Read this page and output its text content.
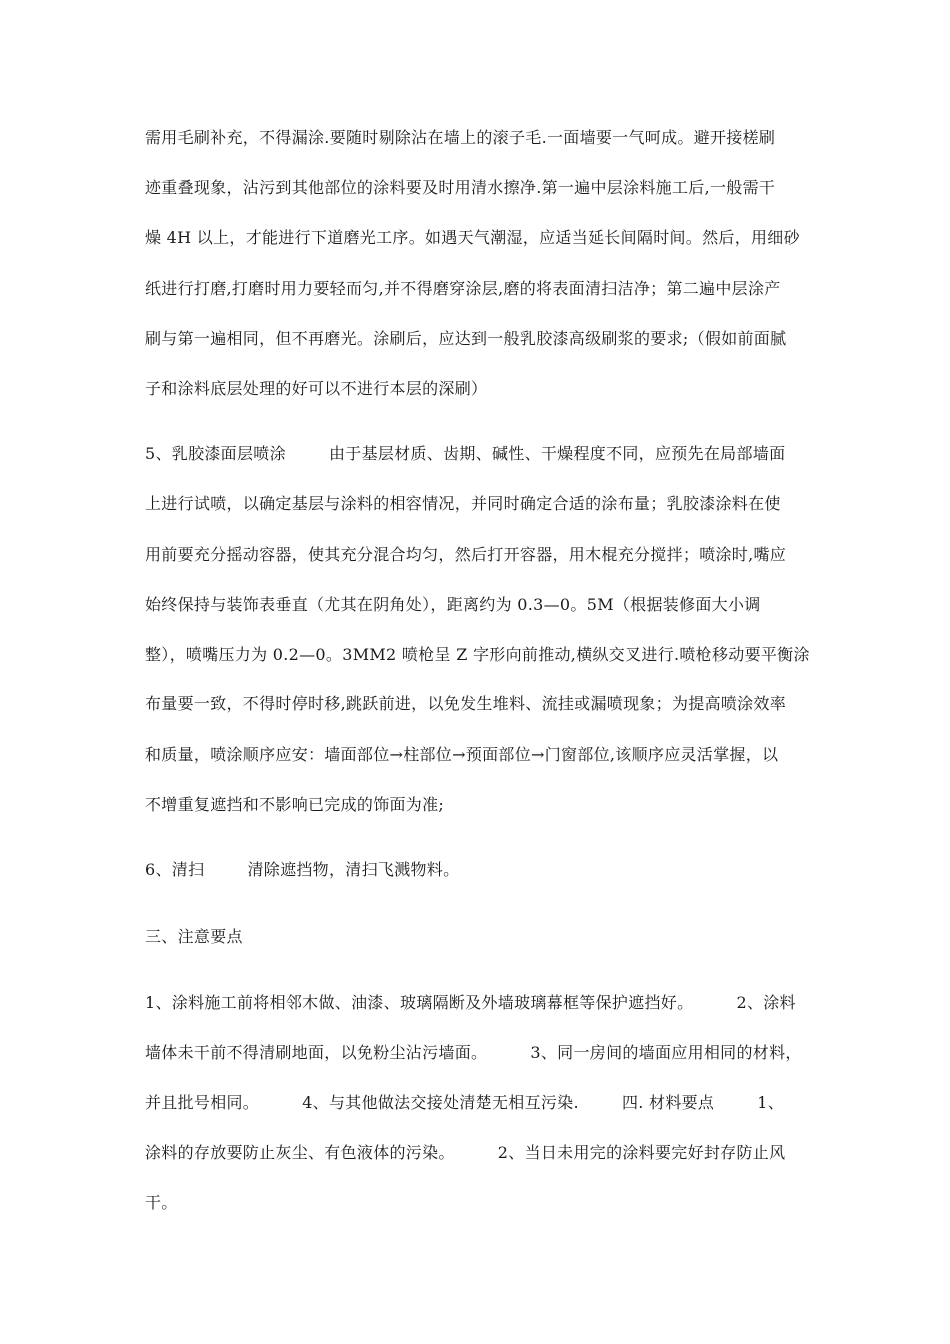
需用毛刷补充，不得漏涂.要随时剔除沾在墙上的滚子毛.一面墙要一气呵成。避开接槎刷
迹重叠现象，沾污到其他部位的涂料要及时用清水擦净.第一遍中层涂料施工后,一般需干
燥 4H 以上，才能进行下道磨光工序。如遇天气潮湿，应适当延长间隔时间。然后，用细砂
纸进行打磨,打磨时用力要轻而匀,并不得磨穿涂层,磨的将表面清扫洁净；第二遍中层涂产
刷与第一遍相同，但不再磨光。涂刷后，应达到一般乳胶漆高级刷浆的要求;（假如前面腻
子和涂料底层处理的好可以不进行本层的深刷）
5、乳胶漆面层喷涂        由于基层材质、齿期、碱性、干燥程度不同，应预先在局部墙面
上进行试喷，以确定基层与涂料的相容情况，并同时确定合适的涂布量；乳胶漆涂料在使
用前要充分摇动容器，使其充分混合均匀，然后打开容器，用木棍充分搅拌；喷涂时,嘴应
始终保持与装饰表垂直（尤其在阴角处），距离约为 0.3—0。5M（根据装修面大小调
整），喷嘴压力为 0.2—0。3MM2 喷枪呈 Z 字形向前推动,横纵交叉进行.喷枪移动要平衡涂
布量要一致，不得时停时移,跳跃前进，以免发生堆料、流挂或漏喷现象；为提高喷涂效率
和质量，喷涂顺序应安：墙面部位→柱部位→预面部位→门窗部位,该顺序应灵活掌握，以
不增重复遮挡和不影响已完成的饰面为准;
6、清扫        清除遮挡物，清扫飞溅物料。
三、注意要点
1、涂料施工前将相邻木做、油漆、玻璃隔断及外墙玻璃幕框等保护遮挡好。        2、涂料
墙体未干前不得清刷地面，以免粉尘沾污墙面。        3、同一房间的墙面应用相同的材料，
并且批号相同。        4、与其他做法交接处清楚无相互污染.        四. 材料要点        1、
涂料的存放要防止灰尘、有色液体的污染。        2、当日未用完的涂料要完好封存防止风
干。
